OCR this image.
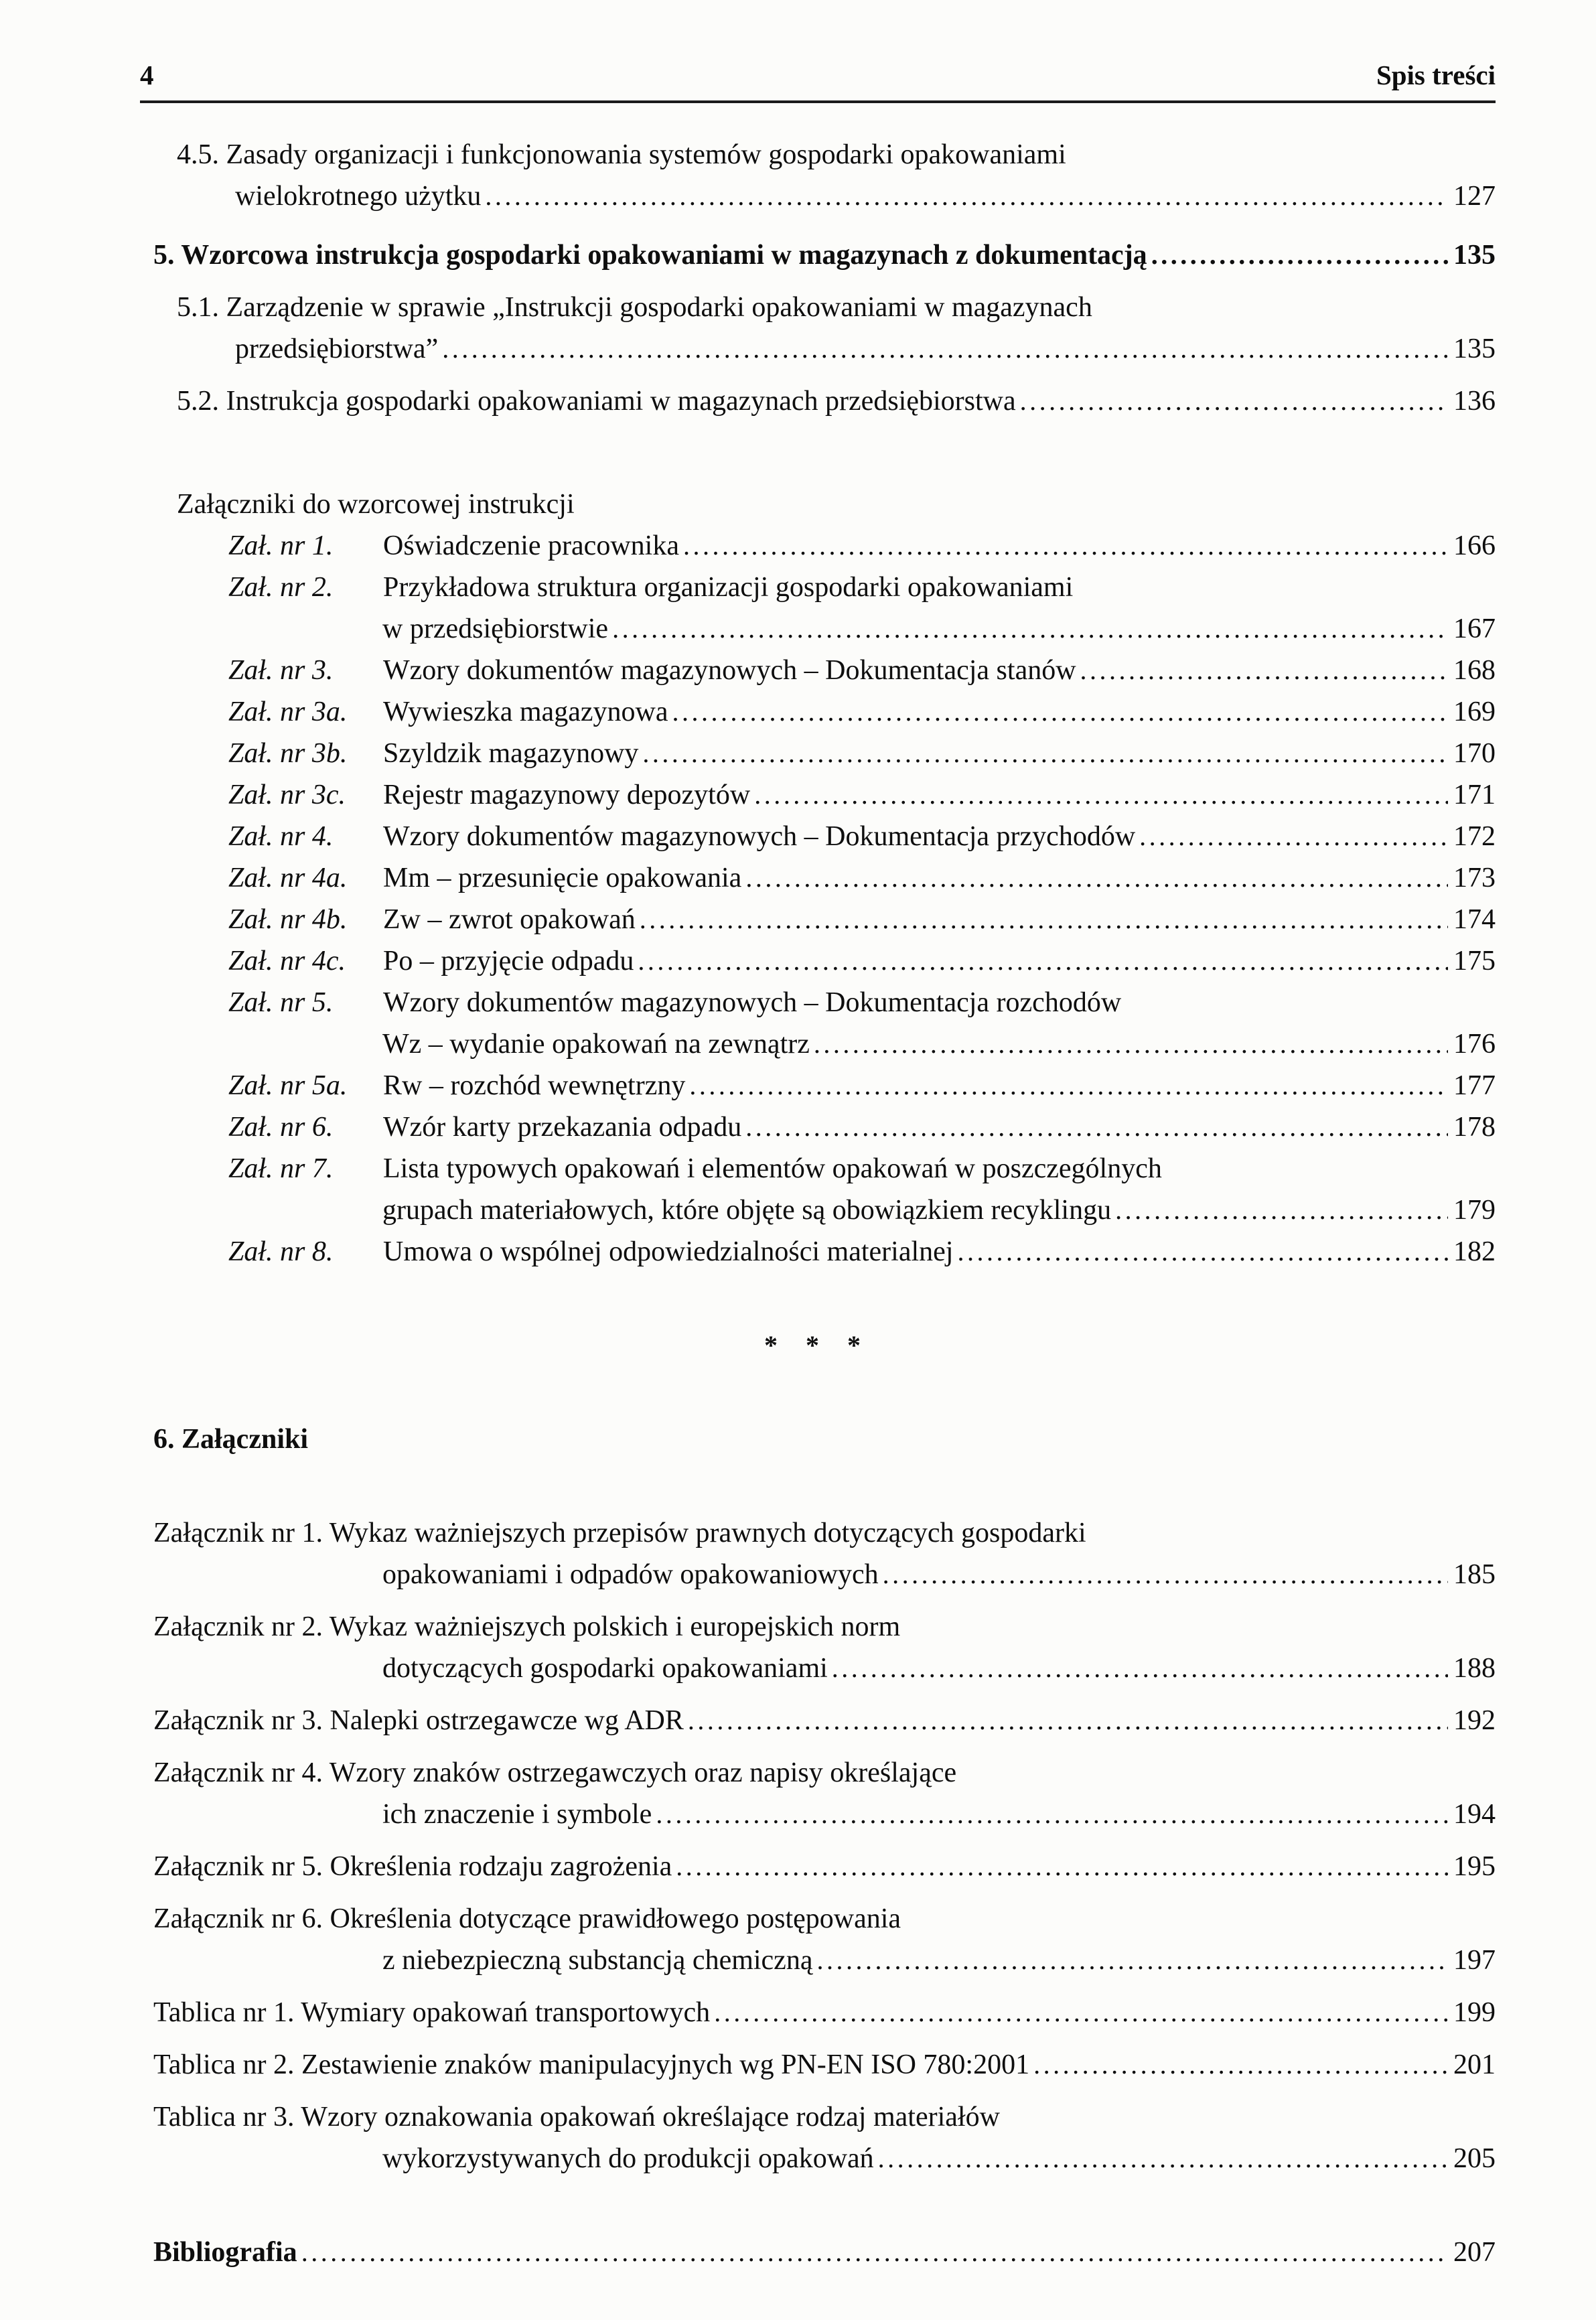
4	Spis treści
4.5. Zasady organizacji i funkcjonowania systemów gospodarki opakowaniami
wielokrotnego użytku .....	127
5. Wzorcowa instrukcja gospodarki opakowaniami w magazynach z dokumentacją .....	135
5.1. Zarządzenie w sprawie „Instrukcji gospodarki opakowaniami w magazynach
przedsiębiorstwa” .....	135
5.2. Instrukcja gospodarki opakowaniami w magazynach przedsiębiorstwa .....	136
Załączniki do wzorcowej instrukcji
Zał. nr 1.	Oświadczenie pracownika .....	166
Zał. nr 2.	Przykładowa struktura organizacji gospodarki opakowaniami
w przedsiębiorstwie .....	167
Zał. nr 3.	Wzory dokumentów magazynowych – Dokumentacja stanów .....	168
Zał. nr 3a.	Wywieszka magazynowa .....	169
Zał. nr 3b.	Szyldzik magazynowy .....	170
Zał. nr 3c.	Rejestr magazynowy depozytów .....	171
Zał. nr 4.	Wzory dokumentów magazynowych – Dokumentacja przychodów .....	172
Zał. nr 4a.	Mm – przesunięcie opakowania .....	173
Zał. nr 4b.	Zw – zwrot opakowań .....	174
Zał. nr 4c.	Po – przyjęcie odpadu .....	175
Zał. nr 5.	Wzory dokumentów magazynowych – Dokumentacja rozchodów
Wz – wydanie opakowań na zewnątrz .....	176
Zał. nr 5a.	Rw – rozchód wewnętrzny .....	177
Zał. nr 6.	Wzór karty przekazania odpadu .....	178
Zał. nr 7.	Lista typowych opakowań i elementów opakowań w poszczególnych
grupach materiałowych, które objęte są obowiązkiem recyklingu .....	179
Zał. nr 8.	Umowa o wspólnej odpowiedzialności materialnej .....	182
* * *
6. Załączniki
Załącznik nr 1. Wykaz ważniejszych przepisów prawnych dotyczących gospodarki
opakowaniami i odpadów opakowaniowych .....	185
Załącznik nr 2. Wykaz ważniejszych polskich i europejskich norm
dotyczących gospodarki opakowaniami .....	188
Załącznik nr 3. Nalepki ostrzegawcze wg ADR .....	192
Załącznik nr 4. Wzory znaków ostrzegawczych oraz napisy określające
ich znaczenie i symbole .....	194
Załącznik nr 5. Określenia rodzaju zagrożenia .....	195
Załącznik nr 6. Określenia dotyczące prawidłowego postępowania
z niebezpieczną substancją chemiczną .....	197
Tablica nr 1. Wymiary opakowań transportowych .....	199
Tablica nr 2. Zestawienie znaków manipulacyjnych wg PN-EN ISO 780:2001 .....	201
Tablica nr 3. Wzory oznakowania opakowań określające rodzaj materiałów
wykorzystywanych do produkcji opakowań .....	205
Bibliografia .....	207
